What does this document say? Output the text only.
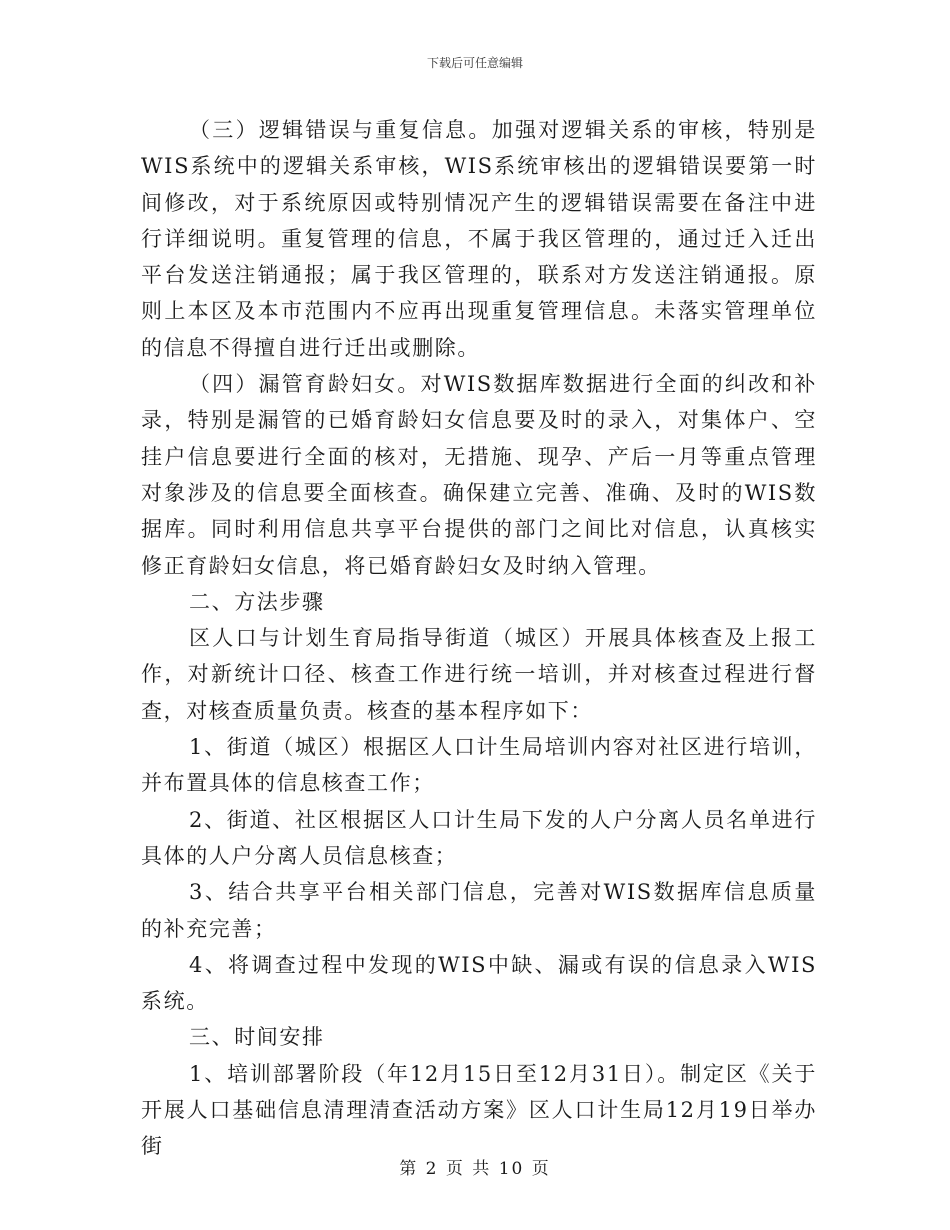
下载后可任意编辑

（三）逻辑错误与重复信息。加强对逻辑关系的审核，特别是WIS系统中的逻辑关系审核，WIS系统审核出的逻辑错误要第一时间修改，对于系统原因或特别情况产生的逻辑错误需要在备注中进行详细说明。重复管理的信息，不属于我区管理的，通过迁入迁出平台发送注销通报；属于我区管理的，联系对方发送注销通报。原则上本区及本市范围内不应再出现重复管理信息。未落实管理单位的信息不得擅自进行迁出或删除。

（四）漏管育龄妇女。对WIS数据库数据进行全面的纠改和补录，特别是漏管的已婚育龄妇女信息要及时的录入，对集体户、空挂户信息要进行全面的核对，无措施、现孕、产后一月等重点管理对象涉及的信息要全面核查。确保建立完善、准确、及时的WIS数据库。同时利用信息共享平台提供的部门之间比对信息，认真核实修正育龄妇女信息，将已婚育龄妇女及时纳入管理。

二、方法步骤

区人口与计划生育局指导街道（城区）开展具体核查及上报工作，对新统计口径、核查工作进行统一培训，并对核查过程进行督查，对核查质量负责。核查的基本程序如下：

1、街道（城区）根据区人口计生局培训内容对社区进行培训，并布置具体的信息核查工作；

2、街道、社区根据区人口计生局下发的人户分离人员名单进行具体的人户分离人员信息核查；

3、结合共享平台相关部门信息，完善对WIS数据库信息质量的补充完善；

4、将调查过程中发现的WIS中缺、漏或有误的信息录入WIS系统。

三、时间安排

1、培训部署阶段（年12月15日至12月31日）。制定区《关于开展人口基础信息清理清查活动方案》区人口计生局12月19日举办街

第 2 页 共 10 页
